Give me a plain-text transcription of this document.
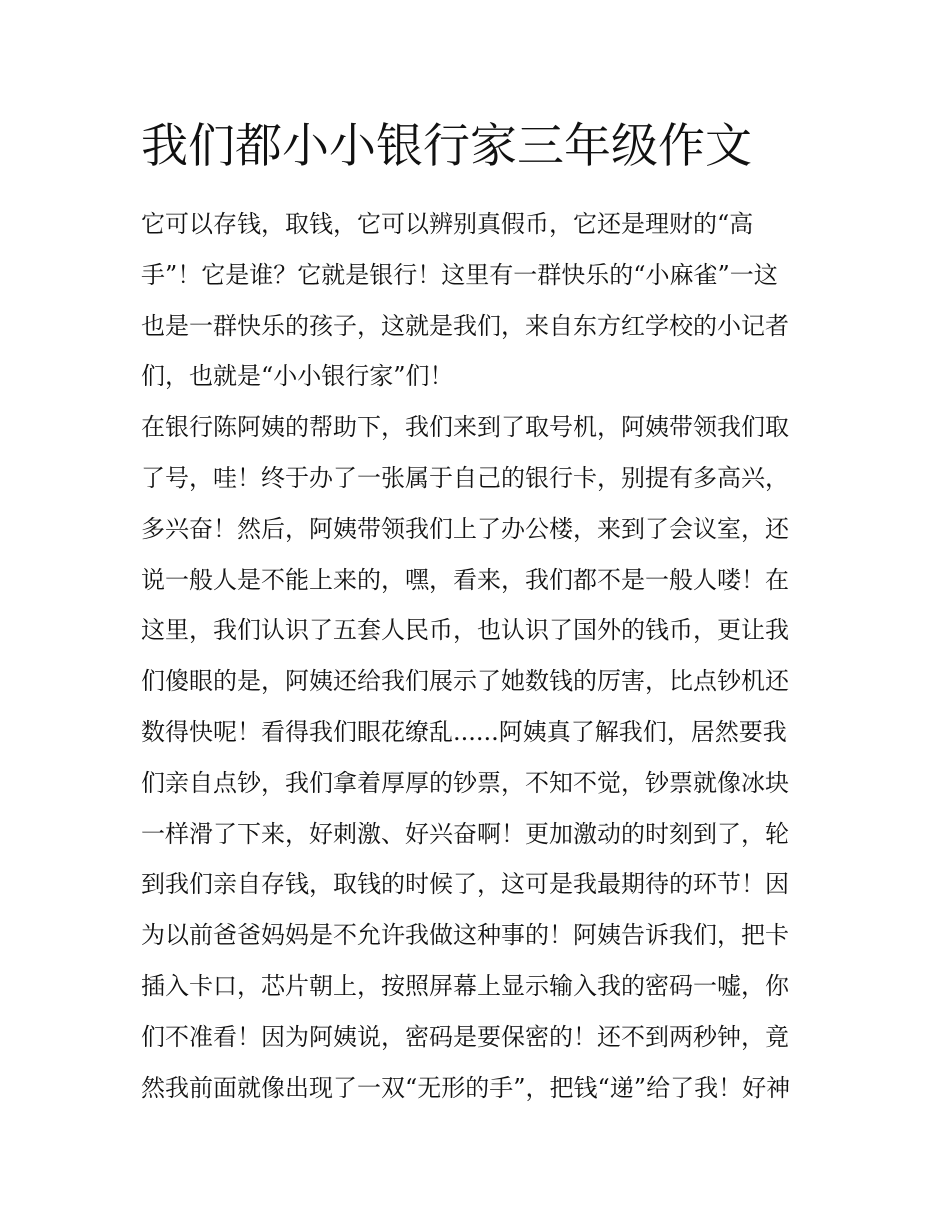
我们都小小银行家三年级作文
它可以存钱，取钱，它可以辨别真假币，它还是理财的“高
手”！它是谁？它就是银行！这里有一群快乐的“小麻雀”一这
也是一群快乐的孩子，这就是我们，来自东方红学校的小记者
们，也就是“小小银行家”们！
在银行陈阿姨的帮助下，我们来到了取号机，阿姨带领我们取
了号，哇！终于办了一张属于自己的银行卡，别提有多高兴，
多兴奋！然后，阿姨带领我们上了办公楼，来到了会议室，还
说一般人是不能上来的，嘿，看来，我们都不是一般人喽！在
这里，我们认识了五套人民币，也认识了国外的钱币，更让我
们傻眼的是，阿姨还给我们展示了她数钱的厉害，比点钞机还
数得快呢！看得我们眼花缭乱......阿姨真了解我们，居然要我
们亲自点钞，我们拿着厚厚的钞票，不知不觉，钞票就像冰块
一样滑了下来，好刺激、好兴奋啊！更加激动的时刻到了，轮
到我们亲自存钱，取钱的时候了，这可是我最期待的环节！因
为以前爸爸妈妈是不允许我做这种事的！阿姨告诉我们，把卡
插入卡口，芯片朝上，按照屏幕上显示输入我的密码一嘘，你
们不准看！因为阿姨说，密码是要保密的！还不到两秒钟，竟
然我前面就像出现了一双“无形的手”，把钱“递”给了我！好神
